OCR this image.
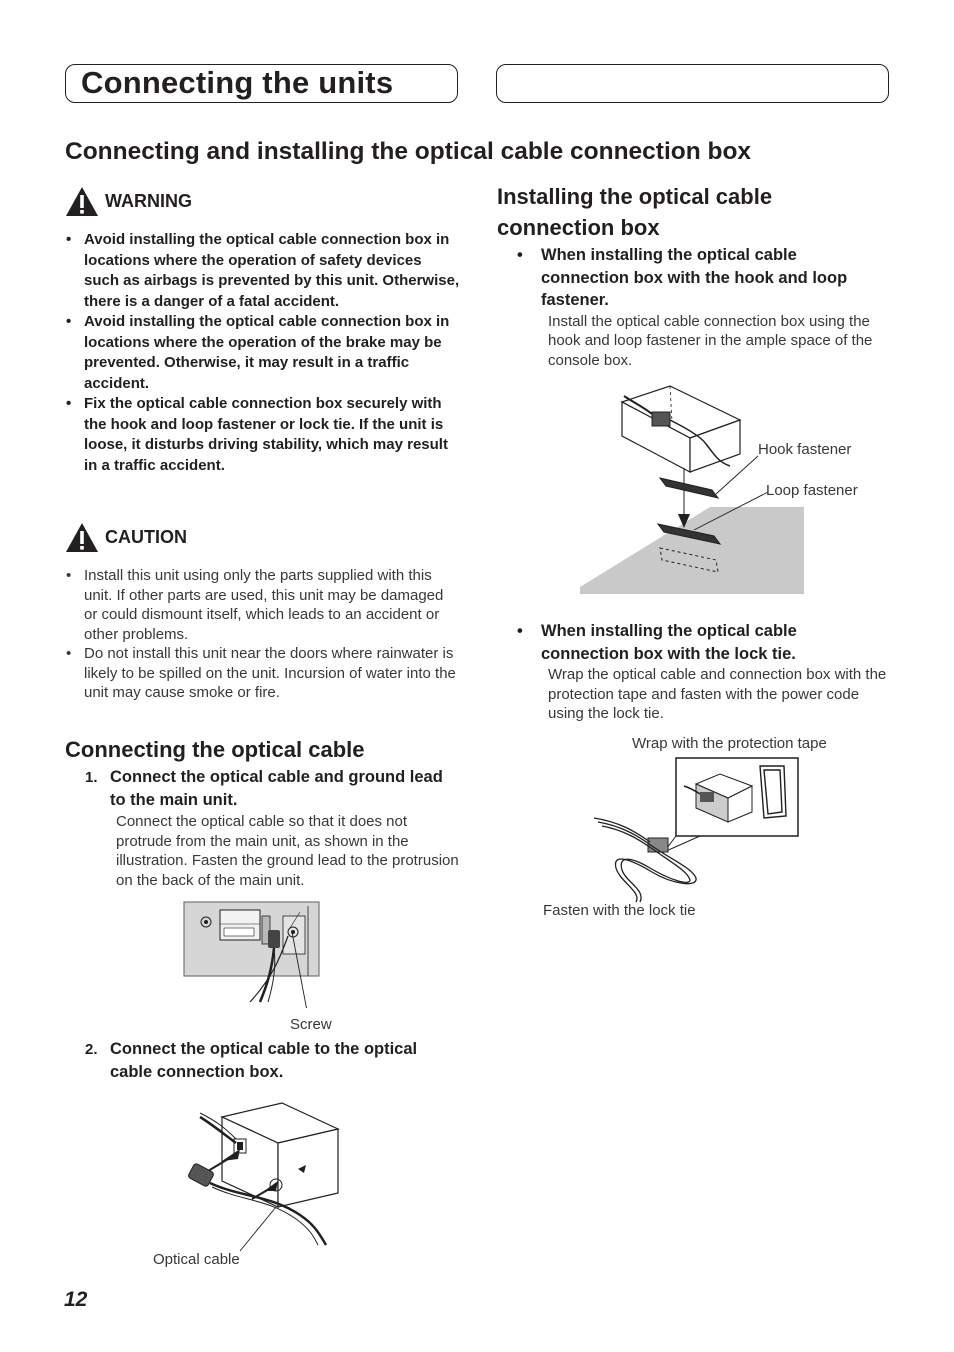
Connecting the units
Connecting and installing the optical cable connection box
WARNING
• Avoid installing the optical cable connection box in locations where the operation of safety devices such as airbags is prevented by this unit. Otherwise, there is a danger of a fatal accident.
• Avoid installing the optical cable connection box in locations where the operation of the brake may be prevented. Otherwise, it may result in a traffic accident.
• Fix the optical cable connection box securely with the hook and loop fastener or lock tie. If the unit is loose, it disturbs driving stability, which may result in a traffic accident.
CAUTION
• Install this unit using only the parts supplied with this unit. If other parts are used, this unit may be damaged or could dismount itself, which leads to an accident or other problems.
• Do not install this unit near the doors where rainwater is likely to be spilled on the unit. Incursion of water into the unit may cause smoke or fire.
Connecting the optical cable
1. Connect the optical cable and ground lead to the main unit.
Connect the optical cable so that it does not protrude from the main unit, as shown in the illustration. Fasten the ground lead to the protrusion on the back of the main unit.
Screw
2. Connect the optical cable to the optical cable connection box.
Optical cable
Installing the optical cable connection box
• When installing the optical cable connection box with the hook and loop fastener.
Install the optical cable connection box using the hook and loop fastener in the ample space of the console box.
Hook fastener
Loop fastener
• When installing the optical cable connection box with the lock tie.
Wrap the optical cable and connection box with the protection tape and fasten with the power code using the lock tie.
Wrap with the protection tape
Fasten with the lock tie
12
